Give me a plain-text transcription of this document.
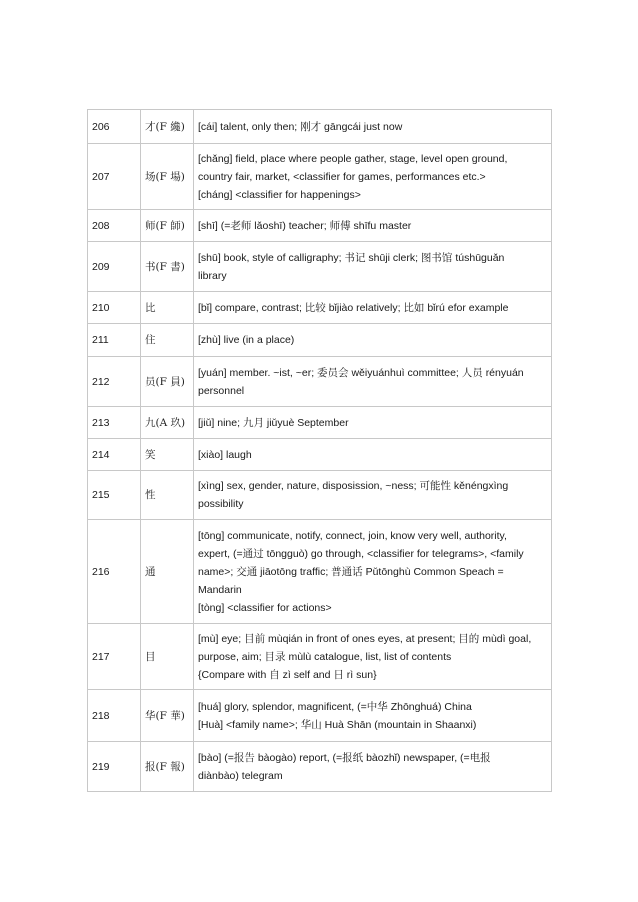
206	才(F 纔)	[cái] talent, only then; 刚才 gāngcái just now

207	场(F 場)	[chǎng] field, place where people gather, stage, level open ground,
country fair, market, <classifier for games, performances etc.>
[cháng] <classifier for happenings>

208	师(F 師)	[shī] (=老师 lǎoshī) teacher; 师傅 shīfu master

209	书(F 書)	[shū] book, style of calligraphy; 书记 shūji clerk; 图书馆 túshūguǎn
library

210	比	[bǐ] compare, contrast; 比较 bǐjiào relatively; 比如 bǐrú efor example

211	住	[zhù] live (in a place)

212	员(F 員)	[yuán] member. ~ist, ~er; 委员会 wěiyuánhuì committee; 人员 rényuán
personnel

213	九(A 玖)	[jiǔ] nine; 九月 jiǔyuè September

214	笑	[xiào] laugh

215	性	[xìng] sex, gender, nature, disposission, ~ness; 可能性 kěnéngxìng
possibility

216	通	[tōng] communicate, notify, connect, join, know very well, authority,
expert, (=通过 tōngguò) go through, <classifier for telegrams>, <family
name>; 交通 jiāotōng traffic; 普通话 Pǔtōnghù Common Speach =
Mandarin
[tòng] <classifier for actions>

217	目	[mù] eye; 目前 mùqián in front of ones eyes, at present; 目的 mùdì goal,
purpose, aim; 目录 mùlù catalogue, list, list of contents
{Compare with 自 zì self and 日 rì sun}

218	华(F 華)	[huá] glory, splendor, magnificent, (=中华 Zhōnghuá) China
[Huà] <family name>; 华山 Huà Shān (mountain in Shaanxi)

219	报(F 報)	[bào] (=报告 bàogào) report, (=报纸 bàozhǐ) newspaper, (=电报
diànbào) telegram
